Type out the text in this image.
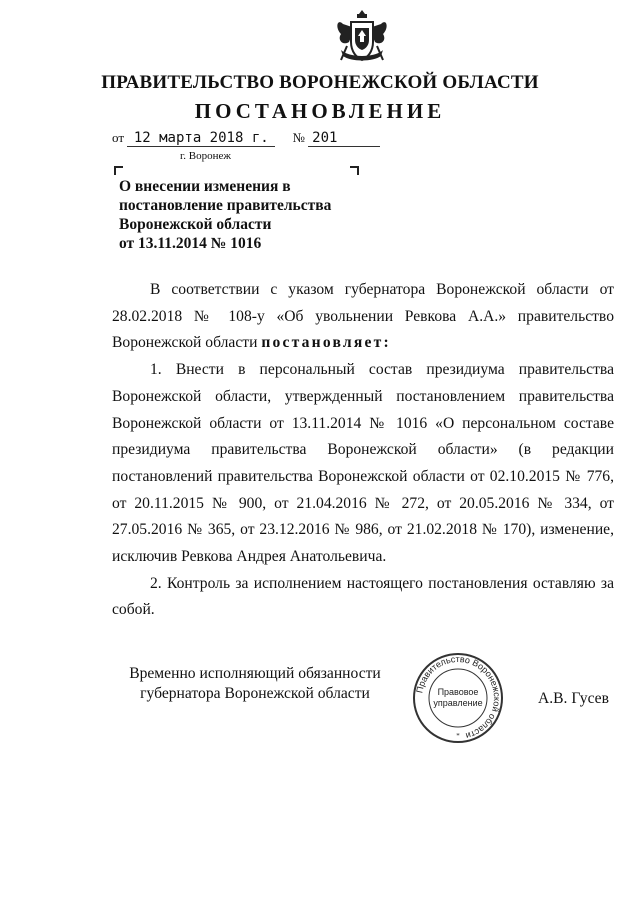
ПРАВИТЕЛЬСТВО ВОРОНЕЖСКОЙ ОБЛАСТИ
ПОСТАНОВЛЕНИЕ
от 12 марта 2018 г. № 201
г. Воронеж
О внесении изменения в
постановление правительства
Воронежской области
от 13.11.2014 № 1016

В соответствии с указом губернатора Воронежской области от 28.02.2018 № 108-у «Об увольнении Ревкова А.А.» правительство Воронежской области постановляет:

1. Внести в персональный состав президиума правительства Воронежской области, утвержденный постановлением правительства Воронежской области от 13.11.2014 № 1016 «О персональном составе президиума правительства Воронежской области» (в редакции постановлений правительства Воронежской области от 02.10.2015 № 776, от 20.11.2015 № 900, от 21.04.2016 № 272, от 20.05.2016 № 334, от 27.05.2016 № 365, от 23.12.2016 № 986, от 21.02.2018 № 170), изменение, исключив Ревкова Андрея Анатольевича.

2. Контроль за исполнением настоящего постановления оставляю за собой.

Временно исполняющий обязанности
губернатора Воронежской области	Правительство Воронежской области
Правовое
управление
*
А.В. Гусев
